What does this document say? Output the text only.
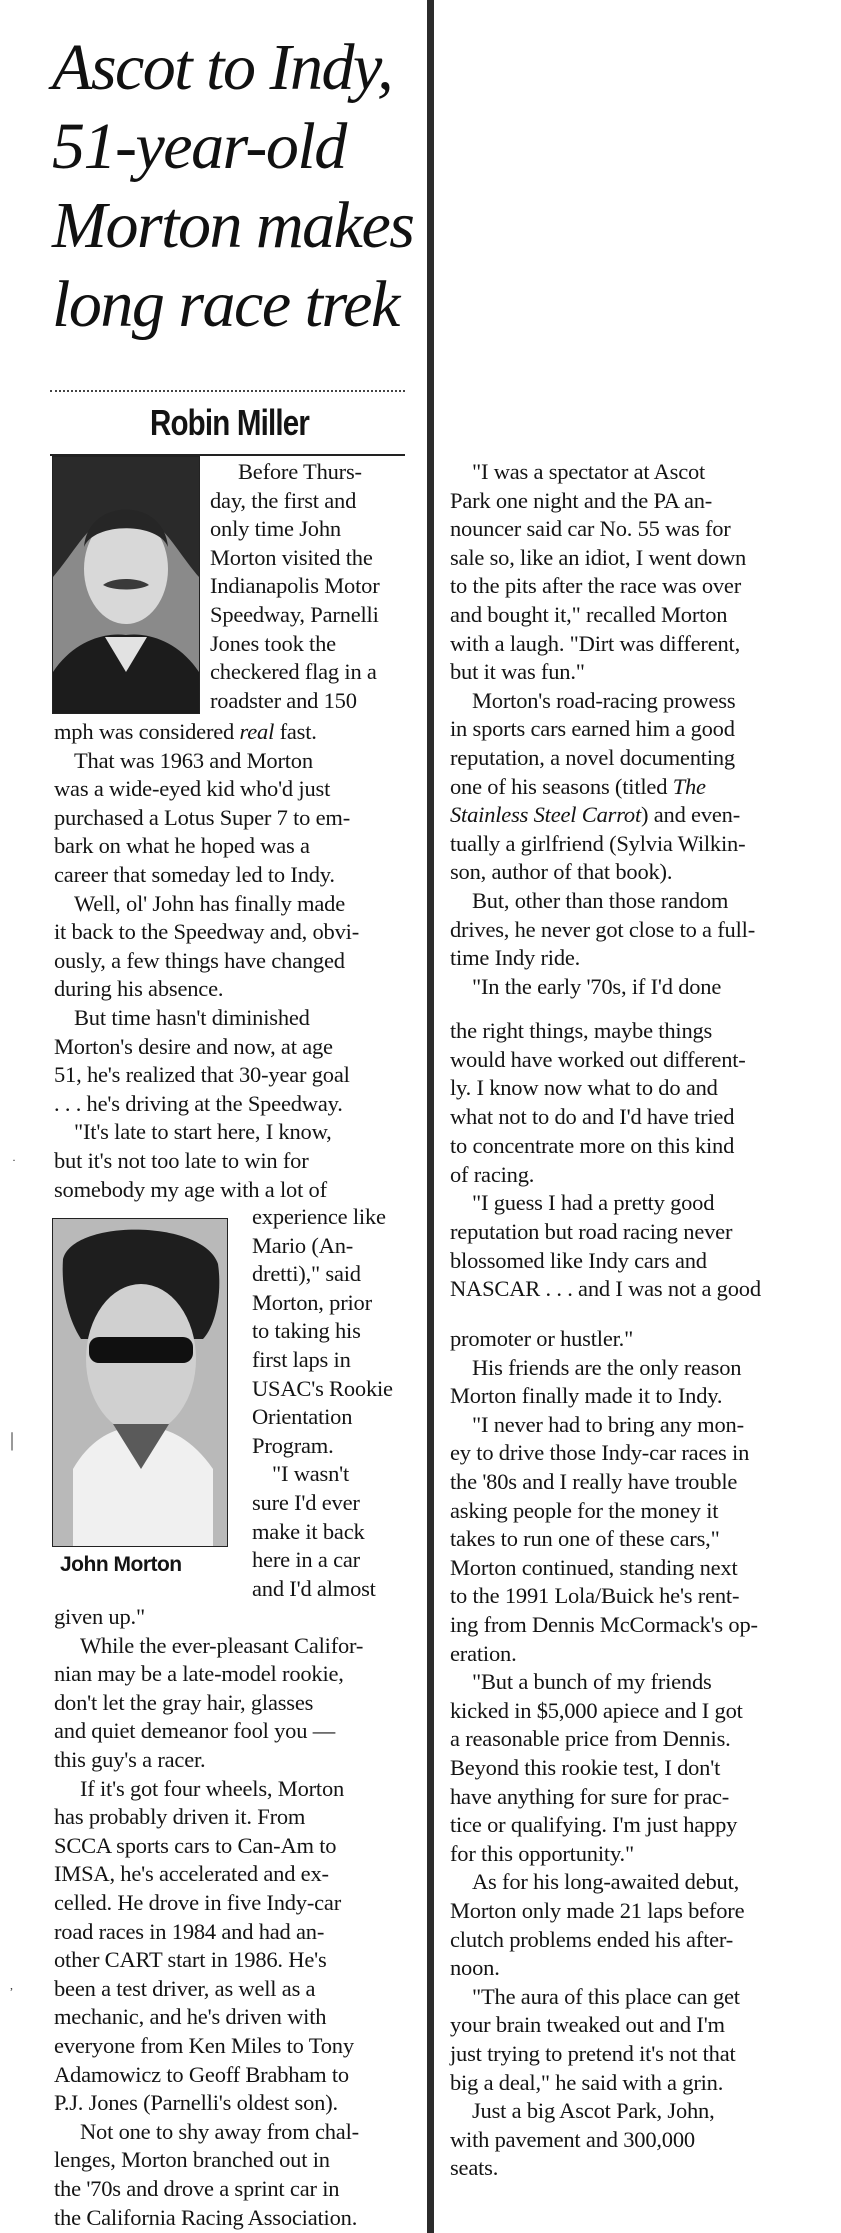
Ascot to Indy,
51-year-old
Morton makes
long race trek

Robin Miller

John Morton

Before Thurs-

day, the first and

only time John

Morton visited the

Indianapolis Motor

Speedway, Parnelli

Jones took the

checkered flag in a

roadster and 150

mph was considered real fast.

That was 1963 and Morton

was a wide-eyed kid who'd just

purchased a Lotus Super 7 to em-

bark on what he hoped was a

career that someday led to Indy.

Well, ol' John has finally made

it back to the Speedway and, obvi-

ously, a few things have changed

during his absence.

But time hasn't diminished

Morton's desire and now, at age

51, he's realized that 30-year goal

. . . he's driving at the Speedway.

"It's late to start here, I know,

but it's not too late to win for

somebody my age with a lot of

experience like

Mario (An-

dretti)," said

Morton, prior

to taking his

first laps in

USAC's Rookie

Orientation

Program.

"I wasn't

sure I'd ever

make it back

here in a car

and I'd almost

given up."

While the ever-pleasant Califor-

nian may be a late-model rookie,

don't let the gray hair, glasses

and quiet demeanor fool you —

this guy's a racer.

If it's got four wheels, Morton

has probably driven it. From

SCCA sports cars to Can-Am to

IMSA, he's accelerated and ex-

celled. He drove in five Indy-car

road races in 1984 and had an-

other CART start in 1986. He's

been a test driver, as well as a

mechanic, and he's driven with

everyone from Ken Miles to Tony

Adamowicz to Geoff Brabham to

P.J. Jones (Parnelli's oldest son).

Not one to shy away from chal-

lenges, Morton branched out in

the '70s and drove a sprint car in

the California Racing Association.

"I was a spectator at Ascot

Park one night and the PA an-

nouncer said car No. 55 was for

sale so, like an idiot, I went down

to the pits after the race was over

and bought it," recalled Morton

with a laugh. "Dirt was different,

but it was fun."

Morton's road-racing prowess

in sports cars earned him a good

reputation, a novel documenting

one of his seasons (titled The

Stainless Steel Carrot) and even-

tually a girlfriend (Sylvia Wilkin-

son, author of that book).

But, other than those random

drives, he never got close to a full-

time Indy ride.

"In the early '70s, if I'd done

the right things, maybe things

would have worked out different-

ly. I know now what to do and

what not to do and I'd have tried

to concentrate more on this kind

of racing.

"I guess I had a pretty good

reputation but road racing never

blossomed like Indy cars and

NASCAR . . . and I was not a good

promoter or hustler."

His friends are the only reason

Morton finally made it to Indy.

"I never had to bring any mon-

ey to drive those Indy-car races in

the '80s and I really have trouble

asking people for the money it

takes to run one of these cars,"

Morton continued, standing next

to the 1991 Lola/Buick he's rent-

ing from Dennis McCormack's op-

eration.

"But a bunch of my friends

kicked in $5,000 apiece and I got

a reasonable price from Dennis.

Beyond this rookie test, I don't

have anything for sure for prac-

tice or qualifying. I'm just happy

for this opportunity."

As for his long-awaited debut,

Morton only made 21 laps before

clutch problems ended his after-

noon.

"The aura of this place can get

your brain tweaked out and I'm

just trying to pretend it's not that

big a deal," he said with a grin.

Just a big Ascot Park, John,

with pavement and 300,000

seats.

|

,

·
